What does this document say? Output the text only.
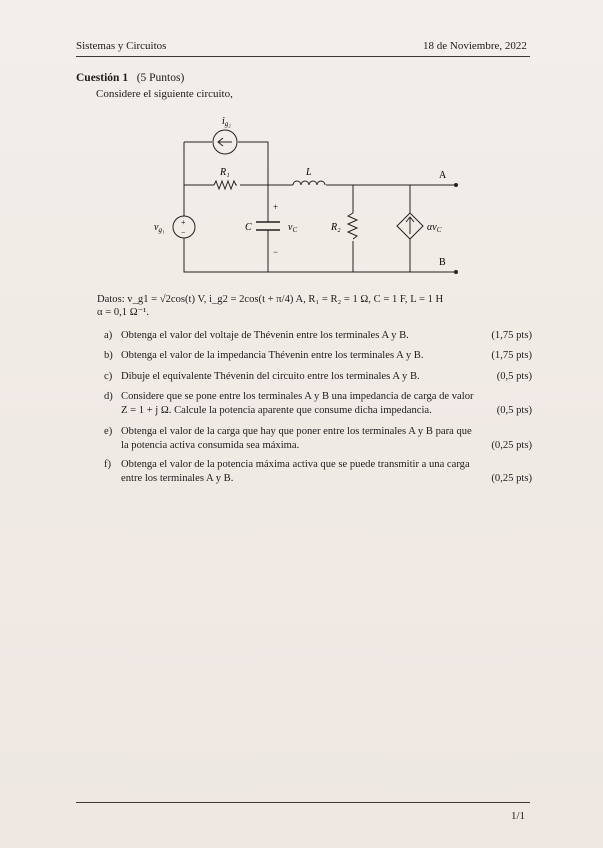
Sistemas y Circuitos	18 de Noviembre, 2022
Cuestión 1 (5 Puntos)
Considere el siguiente circuito,
$i_{g_2}$
R₁	L	A
B
+
−
+
−
$v_{g_1}$	C	$v_C$	R₂	$\alpha v_C$
Datos: v_g1 = √2cos(t) V, i_g2 = 2cos(t + π/4) A, R₁ = R₂ = 1 Ω, C = 1 F, L = 1 H
α = 0,1 Ω⁻¹.
a) Obtenga el valor del voltaje de Thévenin entre los terminales A y B.	(1,75 pts)
b) Obtenga el valor de la impedancia Thévenin entre los terminales A y B.	(1,75 pts)
c) Dibuje el equivalente Thévenin del circuito entre los terminales A y B.	(0,5 pts)
d) Considere que se pone entre los terminales A y B una impedancia de carga de valor
Z = 1 + j Ω. Calcule la potencia aparente que consume dicha impedancia.	(0,5 pts)
e) Obtenga el valor de la carga que hay que poner entre los terminales A y B para que
la potencia activa consumida sea máxima.	(0,25 pts)
f) Obtenga el valor de la potencia máxima activa que se puede transmitir a una carga
entre los terminales A y B.	(0,25 pts)
1/1
